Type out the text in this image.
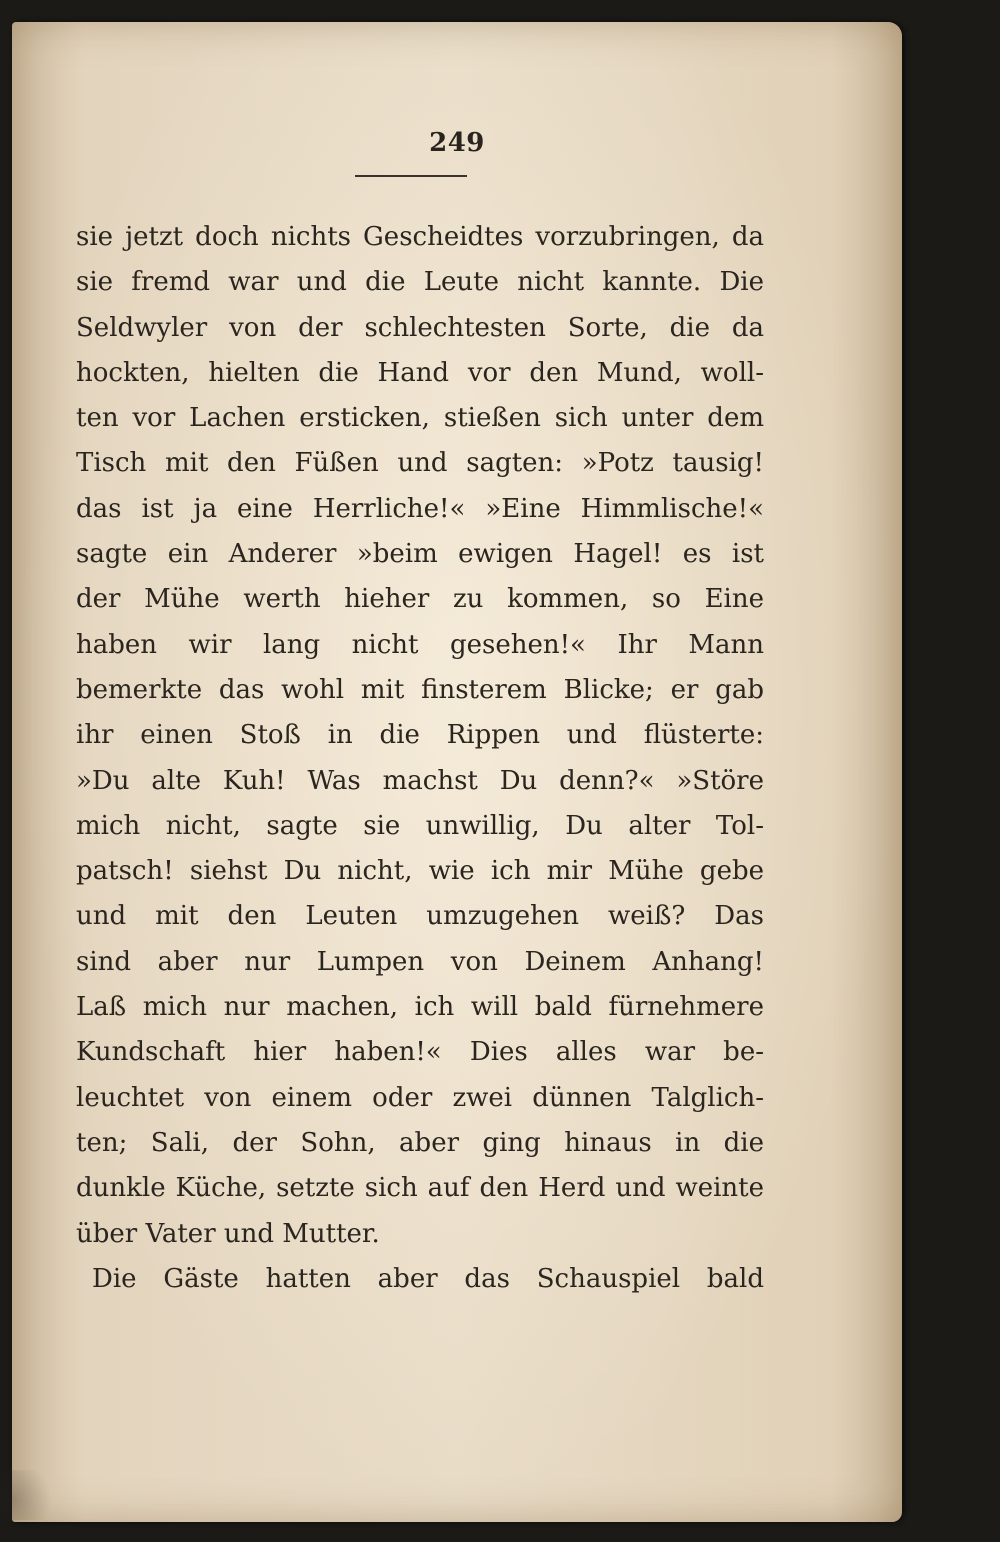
249
sie jetzt doch nichts Gescheidtes vorzubringen, da
sie fremd war und die Leute nicht kannte. Die
Seldwyler von der schlechtesten Sorte, die da
hockten, hielten die Hand vor den Mund, woll-
ten vor Lachen ersticken, stießen sich unter dem
Tisch mit den Füßen und sagten: »Potz tausig!
das ist ja eine Herrliche!« »Eine Himmlische!«
sagte ein Anderer »beim ewigen Hagel! es ist
der Mühe werth hieher zu kommen, so Eine
haben wir lang nicht gesehen!« Ihr Mann
bemerkte das wohl mit finsterem Blicke; er gab
ihr einen Stoß in die Rippen und flüsterte:
»Du alte Kuh! Was machst Du denn?« »Störe
mich nicht, sagte sie unwillig, Du alter Tol-
patsch! siehst Du nicht, wie ich mir Mühe gebe
und mit den Leuten umzugehen weiß? Das
sind aber nur Lumpen von Deinem Anhang!
Laß mich nur machen, ich will bald fürnehmere
Kundschaft hier haben!« Dies alles war be-
leuchtet von einem oder zwei dünnen Talglich-
ten; Sali, der Sohn, aber ging hinaus in die
dunkle Küche, setzte sich auf den Herd und weinte
über Vater und Mutter.
Die Gäste hatten aber das Schauspiel bald
